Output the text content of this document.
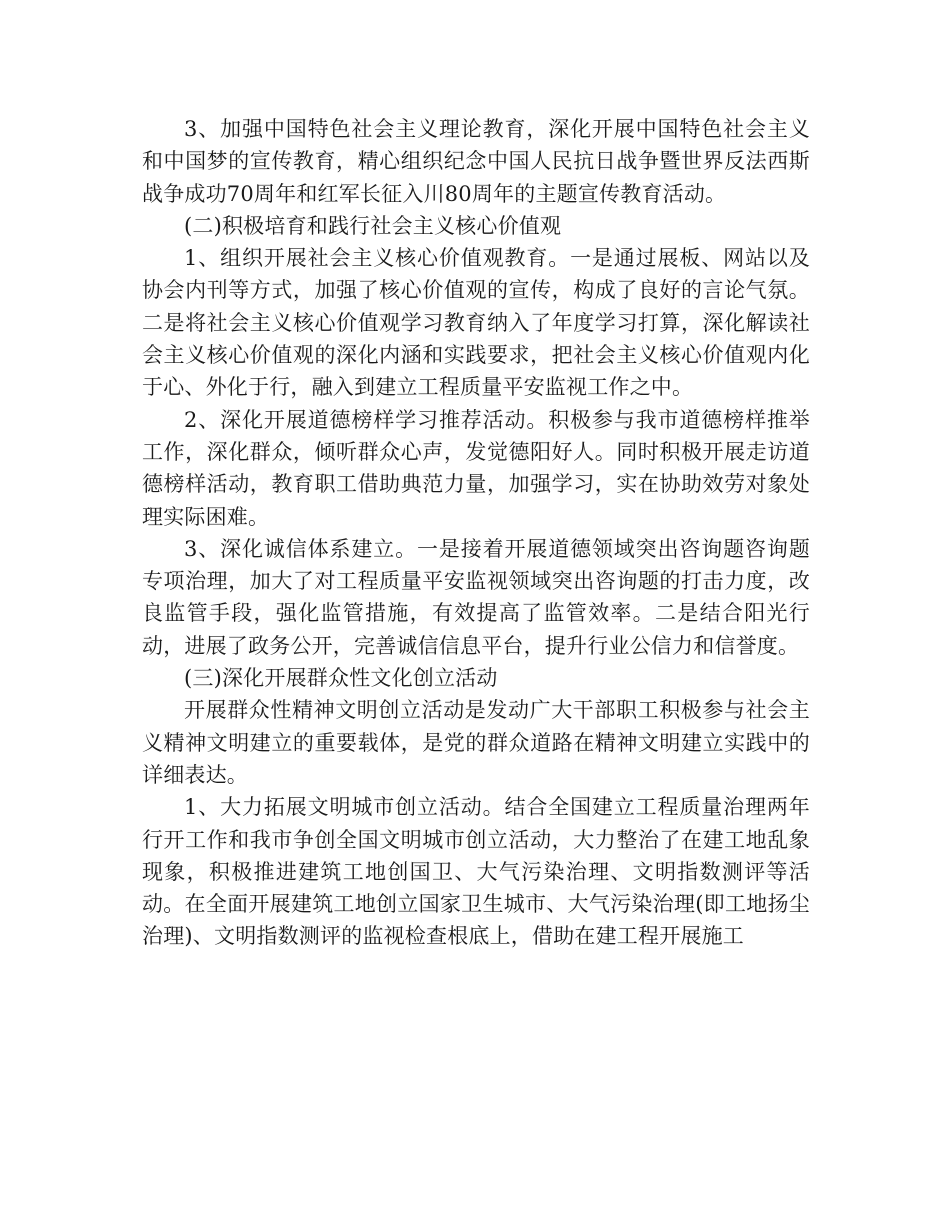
3、加强中国特色社会主义理论教育，深化开展中国特色社会主义和中国梦的宣传教育，精心组织纪念中国人民抗日战争暨世界反法西斯战争成功70周年和红军长征入川80周年的主题宣传教育活动。

(二)积极培育和践行社会主义核心价值观

1、组织开展社会主义核心价值观教育。一是通过展板、网站以及协会内刊等方式，加强了核心价值观的宣传，构成了良好的言论气氛。二是将社会主义核心价值观学习教育纳入了年度学习打算，深化解读社会主义核心价值观的深化内涵和实践要求，把社会主义核心价值观内化于心、外化于行，融入到建立工程质量平安监视工作之中。

2、深化开展道德榜样学习推荐活动。积极参与我市道德榜样推举工作，深化群众，倾听群众心声，发觉德阳好人。同时积极开展走访道德榜样活动，教育职工借助典范力量，加强学习，实在协助效劳对象处理实际困难。

3、深化诚信体系建立。一是接着开展道德领域突出咨询题咨询题专项治理，加大了对工程质量平安监视领域突出咨询题的打击力度，改良监管手段，强化监管措施，有效提高了监管效率。二是结合阳光行动，进展了政务公开，完善诚信信息平台，提升行业公信力和信誉度。

(三)深化开展群众性文化创立活动

开展群众性精神文明创立活动是发动广大干部职工积极参与社会主义精神文明建立的重要载体，是党的群众道路在精神文明建立实践中的详细表达。

1、大力拓展文明城市创立活动。结合全国建立工程质量治理两年行开工作和我市争创全国文明城市创立活动，大力整治了在建工地乱象现象，积极推进建筑工地创国卫、大气污染治理、文明指数测评等活动。在全面开展建筑工地创立国家卫生城市、大气污染治理(即工地扬尘治理)、文明指数测评的监视检查根底上，借助在建工程开展施工
